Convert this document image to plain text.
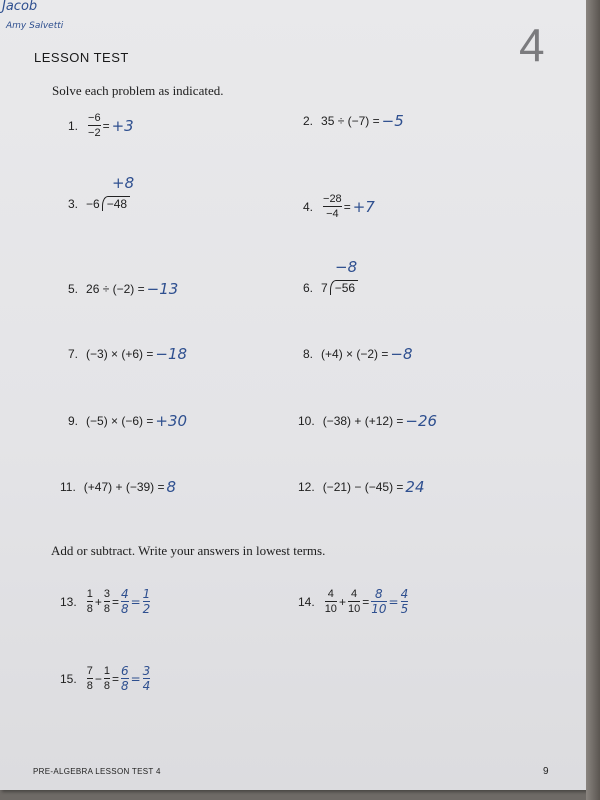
Jacob
Amy Salvetti	4
LESSON TEST
Solve each problem as indicated.
1. $\frac{-6}{-2} = +3$	2. 35 ÷ (−7) = −5
3. −6 −48
+8
4. $\frac{-28}{-4} = +7$
5. 26 ÷ (−2) = −13	6. 7 −56
−8
7. (−3) × (+6) = −18	8. (+4) × (−2) = −8
9. (−5) × (−6) = +30	10. (−38) + (+12) = −26
11. (+47) + (−39) = 8	12. (−21) − (−45) = 24
Add or subtract. Write your answers in lowest terms.
13. $\frac{1}{8} + \frac{3}{8} = \frac{4}{8} = \frac{1}{2}$	14. $\frac{4}{10} + \frac{4}{10} = \frac{8}{10} = \frac{4}{5}$
15. $\frac{7}{8} - \frac{1}{8} = \frac{6}{8} = \frac{3}{4}$
PRE-ALGEBRA LESSON TEST 4	9
